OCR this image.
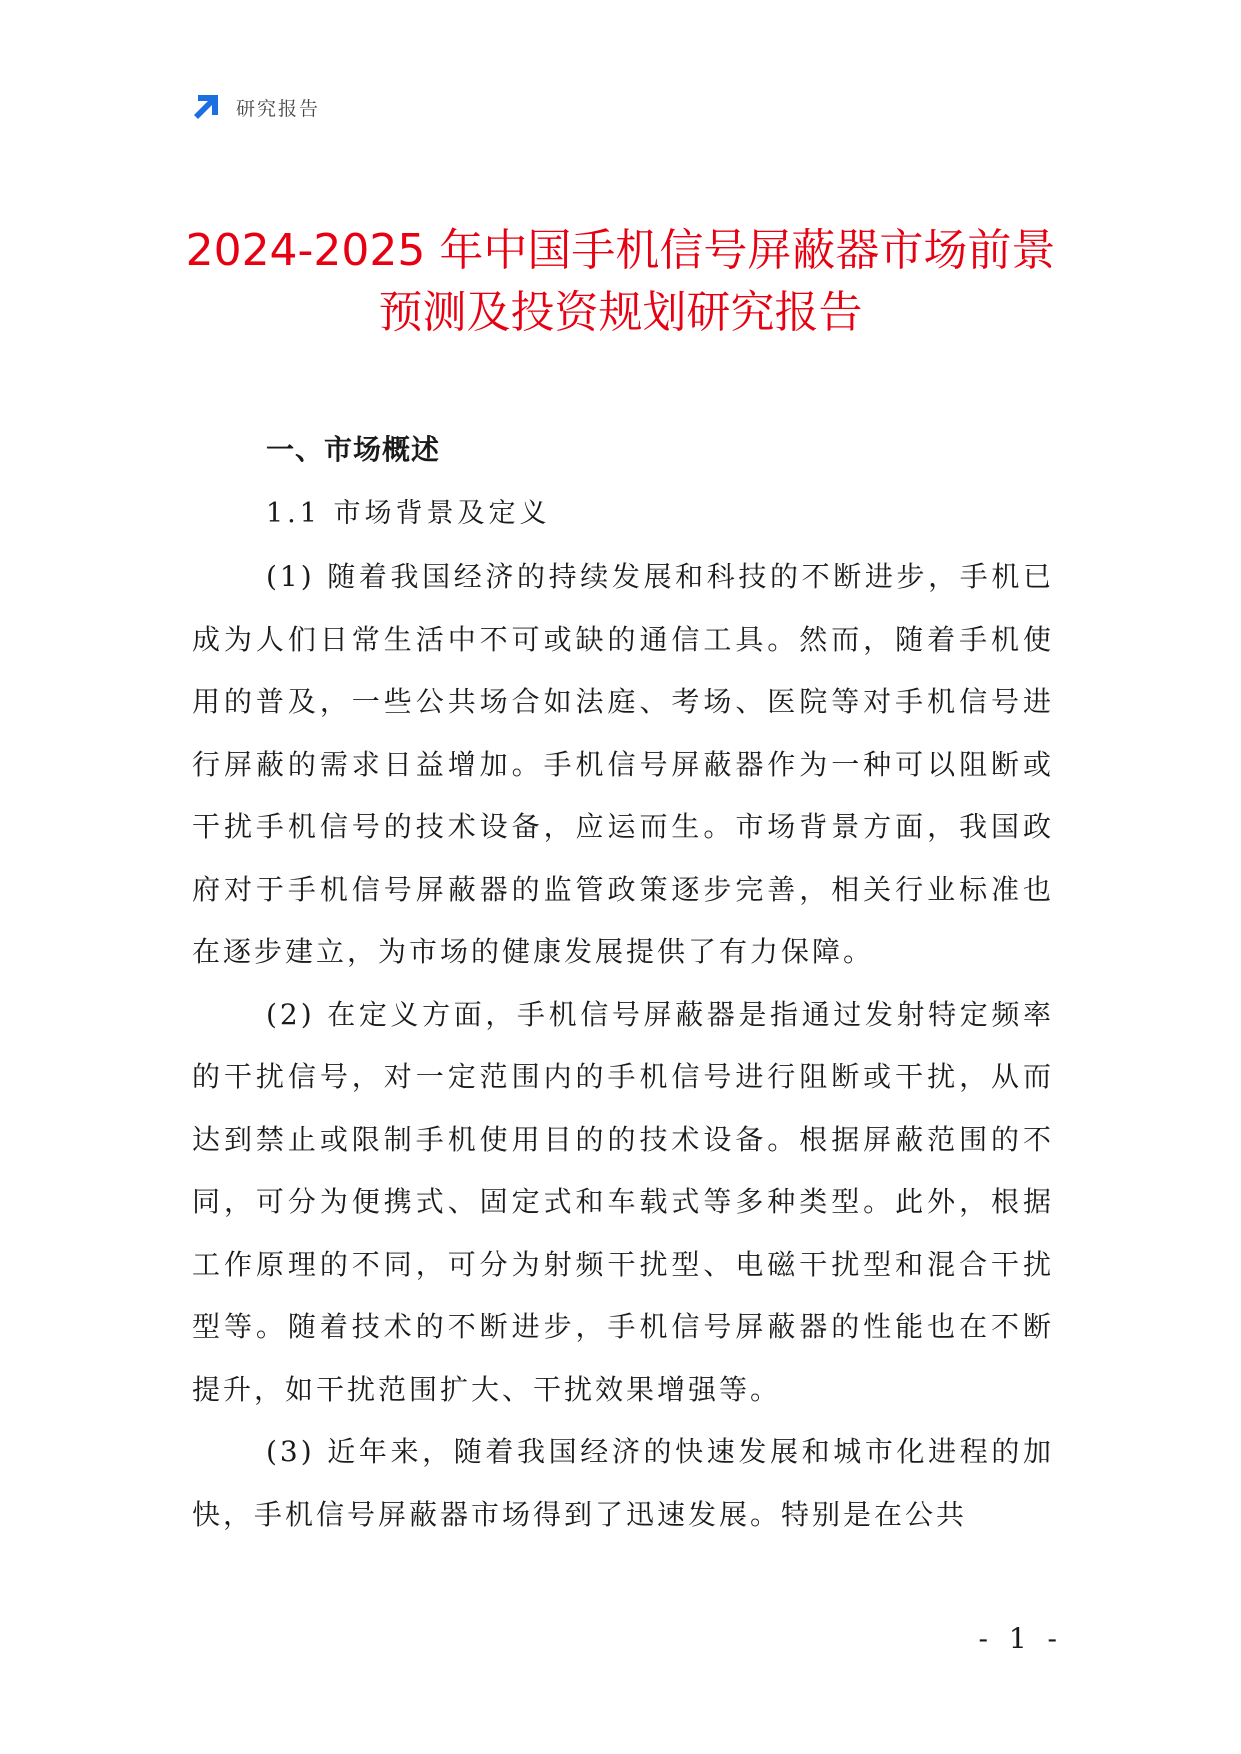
研究报告
2024-2025 年中国手机信号屏蔽器市场前景
预测及投资规划研究报告
一、市场概述
1.1 市场背景及定义

(1) 随着我国经济的持续发展和科技的不断进步，手机已成为人们日常生活中不可或缺的通信工具。然而，随着手机使用的普及，一些公共场合如法庭、考场、医院等对手机信号进行屏蔽的需求日益增加。手机信号屏蔽器作为一种可以阻断或干扰手机信号的技术设备，应运而生。市场背景方面，我国政府对于手机信号屏蔽器的监管政策逐步完善，相关行业标准也在逐步建立，为市场的健康发展提供了有力保障。

(2) 在定义方面，手机信号屏蔽器是指通过发射特定频率的干扰信号，对一定范围内的手机信号进行阻断或干扰，从而达到禁止或限制手机使用目的的技术设备。根据屏蔽范围的不同，可分为便携式、固定式和车载式等多种类型。此外，根据工作原理的不同，可分为射频干扰型、电磁干扰型和混合干扰型等。随着技术的不断进步，手机信号屏蔽器的性能也在不断提升，如干扰范围扩大、干扰效果增强等。

(3) 近年来，随着我国经济的快速发展和城市化进程的加快，手机信号屏蔽器市场得到了迅速发展。特别是在公共

- 1 -
